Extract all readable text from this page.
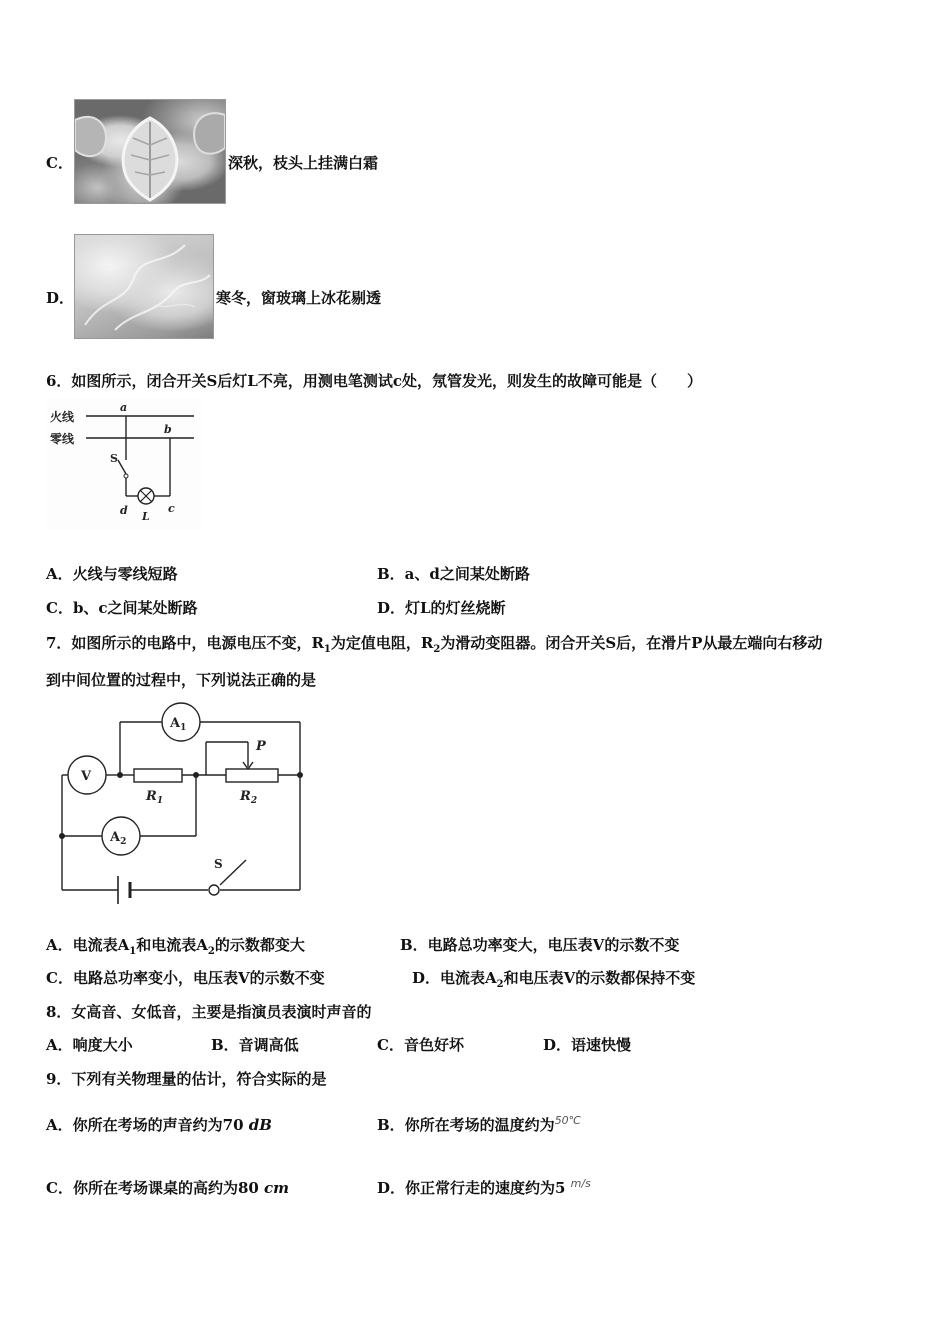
C．	深秋，枝头上挂满白霜
D．	寒冬，窗玻璃上冰花剔透
6．如图所示，闭合开关S后灯L不亮，用测电笔测试c处，氖管发光，则发生的故障可能是（　　）
火线
零线
a
b
S
d L
c
A．火线与零线短路	B．a、d之间某处断路
C．b、c之间某处断路	D．灯L的灯丝烧断
7．如图所示的电路中，电源电压不变，$R_1$为定值电阻，$R_2$为滑动变阻器。闭合开关S后，在滑片P从最左端向右移动
到中间位置的过程中，下列说法正确的是
$A_1$
$A_2$
V
P
$R_1$	$R_2$
S
A．电流表$A_1$和电流表$A_2$的示数都变大	B．电路总功率变大，电压表V的示数不变
C．电路总功率变小，电压表V的示数不变	D．电流表$A_2$和电压表V的示数都保持不变
8．女高音、女低音，主要是指演员表演时声音的
A．响度大小	B．音调高低	C．音色好坏	D．语速快慢
9．下列有关物理量的估计，符合实际的是
A．你所在考场的声音约为70 dB	B．你所在考场的温度约为$^{50℃}$
C．你所在考场课桌的高约为80 cm	D．你正常行走的速度约为5 $^{m/s}$
